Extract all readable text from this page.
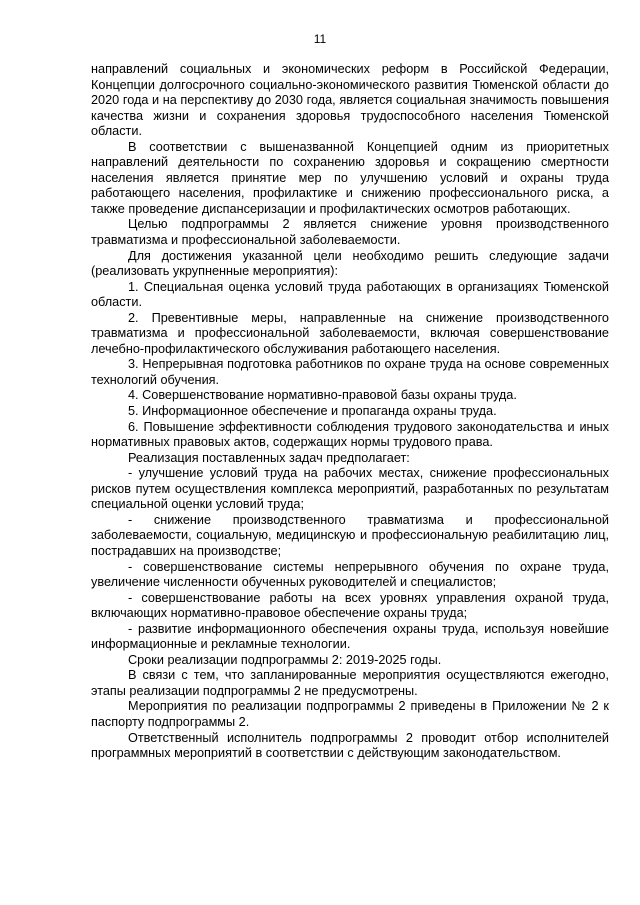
11

направлений социальных и экономических реформ в Российской Федерации, Концепции долгосрочного социально-экономического развития Тюменской области до 2020 года и на перспективу до 2030 года, является социальная значимость повышения качества жизни и сохранения здоровья трудоспособного населения Тюменской области.

В соответствии с вышеназванной Концепцией одним из приоритетных направлений деятельности по сохранению здоровья и сокращению смертности населения является принятие мер по улучшению условий и охраны труда работающего населения, профилактике и снижению профессионального риска, а также проведение диспансеризации и профилактических осмотров работающих.

Целью подпрограммы 2 является снижение уровня производственного травматизма и профессиональной заболеваемости.

Для достижения указанной цели необходимо решить следующие задачи (реализовать укрупненные мероприятия):

1. Специальная оценка условий труда работающих в организациях Тюменской области.

2. Превентивные меры, направленные на снижение производственного травматизма и профессиональной заболеваемости, включая совершенствование лечебно-профилактического обслуживания работающего населения.

3. Непрерывная подготовка работников по охране труда на основе современных технологий обучения.

4. Совершенствование нормативно-правовой базы охраны труда.

5. Информационное обеспечение и пропаганда охраны труда.

6. Повышение эффективности соблюдения трудового законодательства и иных нормативных правовых актов, содержащих нормы трудового права.

Реализация поставленных задач предполагает:

- улучшение условий труда на рабочих местах, снижение профессиональных рисков путем осуществления комплекса мероприятий, разработанных по результатам специальной оценки условий труда;

- снижение производственного травматизма и профессиональной заболеваемости, социальную, медицинскую и профессиональную реабилитацию лиц, пострадавших на производстве;

- совершенствование системы непрерывного обучения по охране труда, увеличение численности обученных руководителей и специалистов;

- совершенствование работы на всех уровнях управления охраной труда, включающих нормативно-правовое обеспечение охраны труда;

- развитие информационного обеспечения охраны труда, используя новейшие информационные и рекламные технологии.

Сроки реализации подпрограммы 2: 2019-2025 годы.

В связи с тем, что запланированные мероприятия осуществляются ежегодно, этапы реализации подпрограммы 2 не предусмотрены.

Мероприятия по реализации подпрограммы 2 приведены в Приложении № 2 к паспорту подпрограммы 2.

Ответственный исполнитель подпрограммы 2 проводит отбор исполнителей программных мероприятий в соответствии с действующим законодательством.
